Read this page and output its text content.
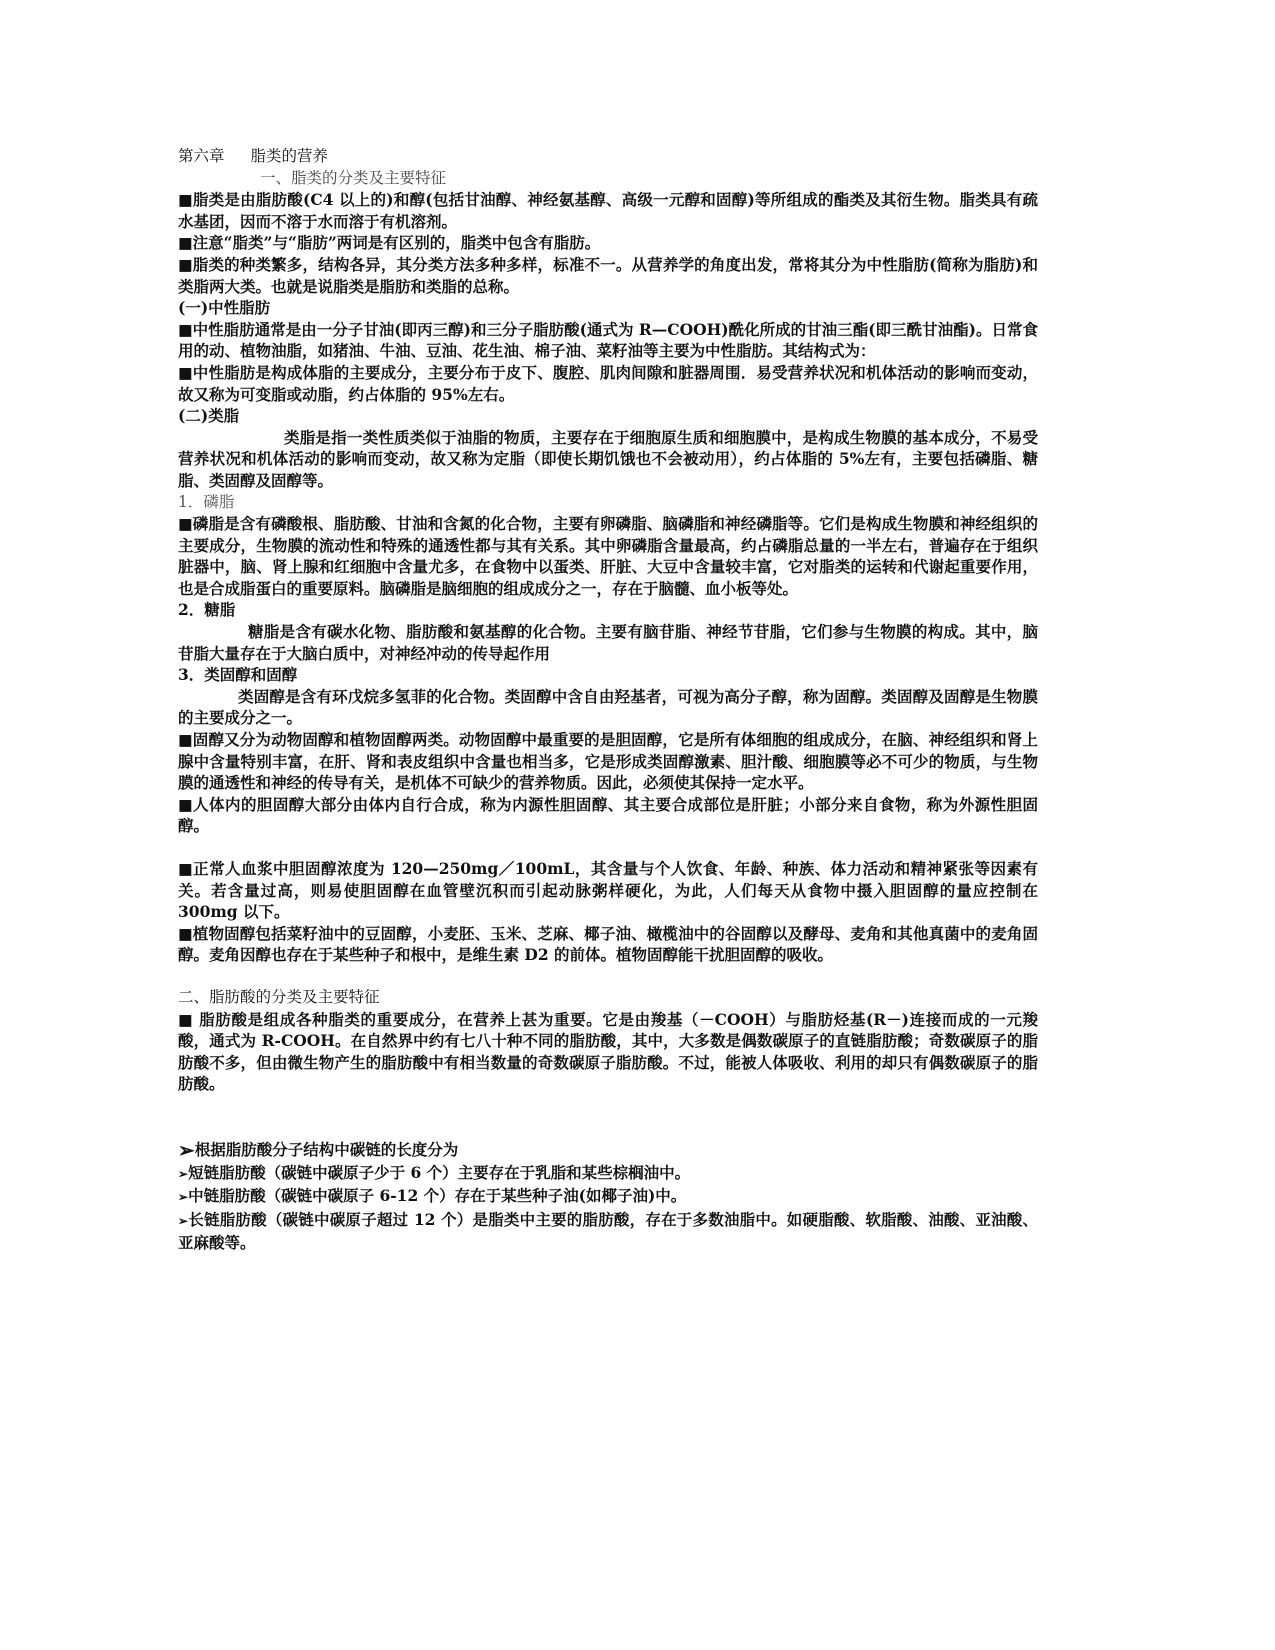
第六章 脂类的营养

一、脂类的分类及主要特征

■脂类是由脂肪酸(C4 以上的)和醇(包括甘油醇、神经氨基醇、高级一元醇和固醇)等所组成的酯类及其衍生物。脂类具有疏水基团，因而不溶于水而溶于有机溶剂。

■注意“脂类”与“脂肪”两词是有区别的，脂类中包含有脂肪。

■脂类的种类繁多，结构各异，其分类方法多种多样，标准不一。从营养学的角度出发，常将其分为中性脂肪(简称为脂肪)和类脂两大类。也就是说脂类是脂肪和类脂的总称。

(一)中性脂肪

■中性脂肪通常是由一分子甘油(即丙三醇)和三分子脂肪酸(通式为 R—COOH)酰化所成的甘油三酯(即三酰甘油酯)。日常食用的动、植物油脂，如猪油、牛油、豆油、花生油、棉子油、菜籽油等主要为中性脂肪。其结构式为：

■中性脂肪是构成体脂的主要成分，主要分布于皮下、腹腔、肌肉间隙和脏器周围．易受营养状况和机体活动的影响而变动，故又称为可变脂或动脂，约占体脂的 95%左右。

(二)类脂

类脂是指一类性质类似于油脂的物质，主要存在于细胞原生质和细胞膜中，是构成生物膜的基本成分，不易受营养状况和机体活动的影响而变动，故又称为定脂（即使长期饥饿也不会被动用），约占体脂的 5%左有，主要包括磷脂、糖脂、类固醇及固醇等。

1．磷脂

■磷脂是含有磷酸根、脂肪酸、甘油和含氮的化合物，主要有卵磷脂、脑磷脂和神经磷脂等。它们是构成生物膜和神经组织的主要成分，生物膜的流动性和特殊的通透性都与其有关系。其中卵磷脂含量最高，约占磷脂总量的一半左右，普遍存在于组织脏器中，脑、肾上腺和红细胞中含量尤多，在食物中以蛋类、肝脏、大豆中含量较丰富，它对脂类的运转和代谢起重要作用，也是合成脂蛋白的重要原料。脑磷脂是脑细胞的组成成分之一，存在于脑髓、血小板等处。

2．糖脂

糖脂是含有碳水化物、脂肪酸和氨基醇的化合物。主要有脑苷脂、神经节苷脂，它们参与生物膜的构成。其中，脑苷脂大量存在于大脑白质中，对神经冲动的传导起作用

3．类固醇和固醇

类固醇是含有环戊烷多氢菲的化合物。类固醇中含自由羟基者，可视为高分子醇，称为固醇。类固醇及固醇是生物膜的主要成分之一。

■固醇又分为动物固醇和植物固醇两类。动物固醇中最重要的是胆固醇，它是所有体细胞的组成成分，在脑、神经组织和肾上腺中含量特别丰富，在肝、肾和表皮组织中含量也相当多，它是形成类固醇激素、胆汁酸、细胞膜等必不可少的物质，与生物膜的通透性和神经的传导有关，是机体不可缺少的营养物质。因此，必须使其保持一定水平。

■人体内的胆固醇大部分由体内自行合成，称为内源性胆固醇、其主要合成部位是肝脏；小部分来自食物，称为外源性胆固醇。

■正常人血浆中胆固醇浓度为 120—250mg／100mL，其含量与个人饮食、年龄、种族、体力活动和精神紧张等因素有关。若含量过高，则易使胆固醇在血管壁沉积而引起动脉粥样硬化，为此，人们每天从食物中摄入胆固醇的量应控制在 300mg 以下。

■植物固醇包括菜籽油中的豆固醇，小麦胚、玉米、芝麻、椰子油、橄榄油中的谷固醇以及酵母、麦角和其他真菌中的麦角固醇。麦角因醇也存在于某些种子和根中，是维生素 D2 的前体。植物固醇能干扰胆固醇的吸收。

二、脂肪酸的分类及主要特征

■ 脂肪酸是组成各种脂类的重要成分，在营养上甚为重要。它是由羧基（－COOH）与脂肪烃基(R－)连接而成的一元羧酸，通式为 R-COOH。在自然界中约有七八十种不同的脂肪酸，其中，大多数是偶数碳原子的直链脂肪酸；奇数碳原子的脂肪酸不多，但由微生物产生的脂肪酸中有相当数量的奇数碳原子脂肪酸。不过，能被人体吸收、利用的却只有偶数碳原子的脂肪酸。

➢根据脂肪酸分子结构中碳链的长度分为

➢短链脂肪酸（碳链中碳原子少于 6 个）主要存在于乳脂和某些棕榈油中。

➢中链脂肪酸（碳链中碳原子 6-12 个）存在于某些种子油(如椰子油)中。

➢长链脂肪酸（碳链中碳原子超过 12 个）是脂类中主要的脂肪酸，存在于多数油脂中。如硬脂酸、软脂酸、油酸、亚油酸、亚麻酸等。
